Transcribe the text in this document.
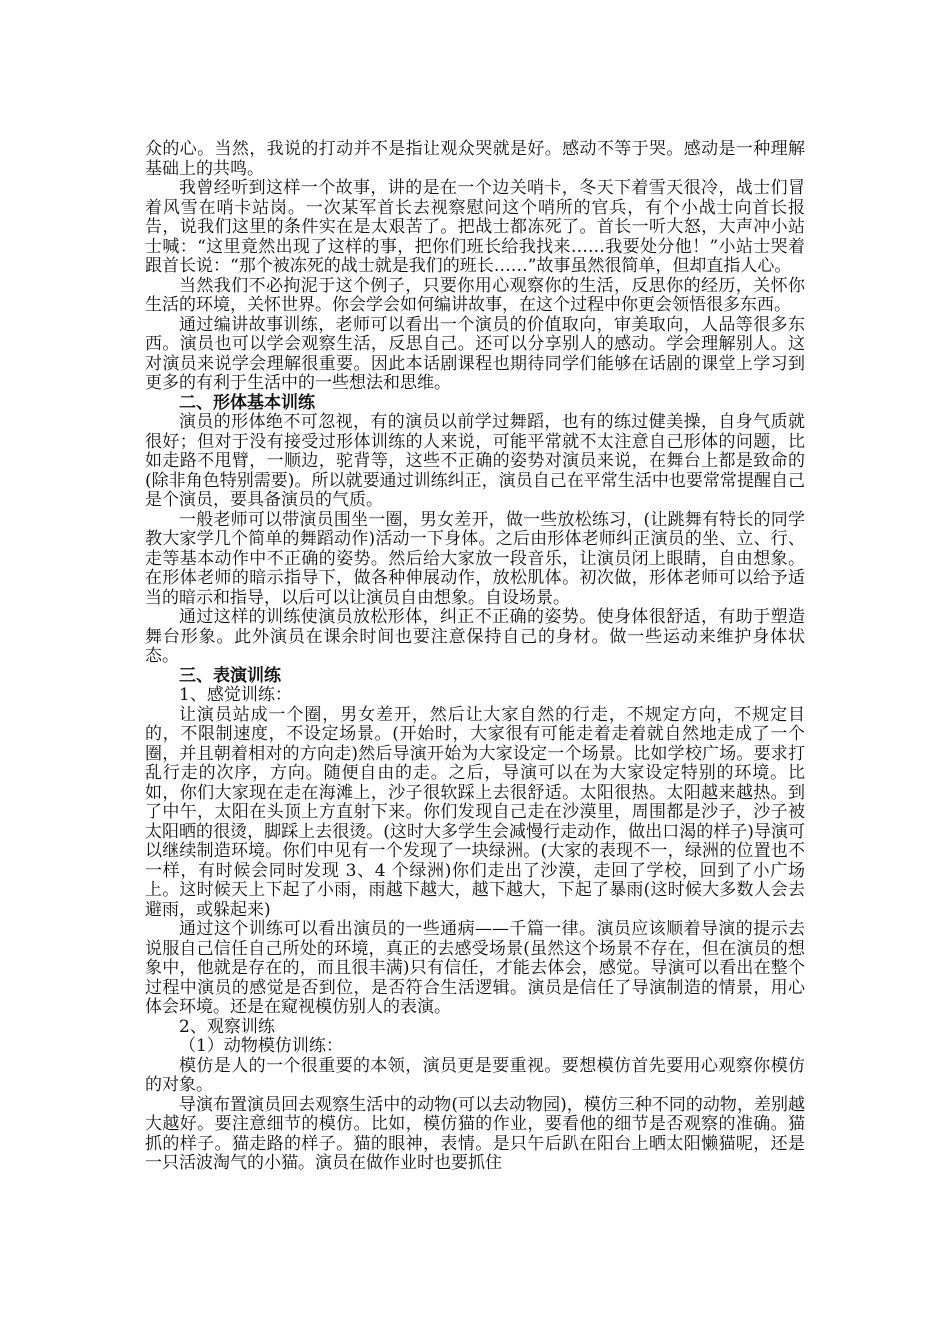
众的心。当然，我说的打动并不是指让观众哭就是好。感动不等于哭。感动是一种理解基础上的共鸣。

我曾经听到这样一个故事，讲的是在一个边关哨卡，冬天下着雪天很冷，战士们冒着风雪在哨卡站岗。一次某军首长去视察慰问这个哨所的官兵，有个小战士向首长报告，说我们这里的条件实在是太艰苦了。把战士都冻死了。首长一听大怒，大声冲小站士喊：“这里竟然出现了这样的事，把你们班长给我找来……我要处分他！”小站士哭着跟首长说：“那个被冻死的战士就是我们的班长……”故事虽然很简单，但却直指人心。

当然我们不必拘泥于这个例子，只要你用心观察你的生活，反思你的经历，关怀你生活的环境，关怀世界。你会学会如何编讲故事，在这个过程中你更会领悟很多东西。

通过编讲故事训练，老师可以看出一个演员的价值取向，审美取向，人品等很多东西。演员也可以学会观察生活，反思自己。还可以分享别人的感动。学会理解别人。这对演员来说学会理解很重要。因此本话剧课程也期待同学们能够在话剧的课堂上学习到更多的有利于生活中的一些想法和思维。

二、形体基本训练

演员的形体绝不可忽视，有的演员以前学过舞蹈，也有的练过健美操，自身气质就很好；但对于没有接受过形体训练的人来说，可能平常就不太注意自己形体的问题，比如走路不甩臂，一顺边，驼背等，这些不正确的姿势对演员来说，在舞台上都是致命的(除非角色特别需要)。所以就要通过训练纠正，演员自己在平常生活中也要常常提醒自己是个演员，要具备演员的气质。

一般老师可以带演员围坐一圈，男女差开，做一些放松练习，(让跳舞有特长的同学教大家学几个简单的舞蹈动作)活动一下身体。之后由形体老师纠正演员的坐、立、行、走等基本动作中不正确的姿势。然后给大家放一段音乐，让演员闭上眼睛，自由想象。在形体老师的暗示指导下，做各种伸展动作，放松肌体。初次做，形体老师可以给予适当的暗示和指导，以后可以让演员自由想象。自设场景。

通过这样的训练使演员放松形体，纠正不正确的姿势。使身体很舒适，有助于塑造舞台形象。此外演员在课余时间也要注意保持自己的身材。做一些运动来维护身体状态。

三、表演训练

1、感觉训练：

让演员站成一个圈，男女差开，然后让大家自然的行走，不规定方向，不规定目的，不限制速度，不设定场景。(开始时，大家很有可能走着走着就自然地走成了一个圈，并且朝着相对的方向走)然后导演开始为大家设定一个场景。比如学校广场。要求打乱行走的次序，方向。随便自由的走。之后，导演可以在为大家设定特别的环境。比如，你们大家现在走在海滩上，沙子很软踩上去很舒适。太阳很热。太阳越来越热。到了中午，太阳在头顶上方直射下来。你们发现自己走在沙漠里，周围都是沙子，沙子被太阳晒的很烫，脚踩上去很烫。(这时大多学生会减慢行走动作，做出口渴的样子)导演可以继续制造环境。你们中见有一个发现了一块绿洲。(大家的表现不一，绿洲的位置也不一样，有时候会同时发现 3、4 个绿洲)你们走出了沙漠，走回了学校，回到了小广场上。这时候天上下起了小雨，雨越下越大，越下越大，下起了暴雨(这时候大多数人会去避雨，或躲起来)

通过这个训练可以看出演员的一些通病——千篇一律。演员应该顺着导演的提示去说服自己信任自己所处的环境，真正的去感受场景(虽然这个场景不存在，但在演员的想象中，他就是存在的，而且很丰满)只有信任，才能去体会，感觉。导演可以看出在整个过程中演员的感觉是否到位，是否符合生活逻辑。演员是信任了导演制造的情景，用心体会环境。还是在窥视模仿别人的表演。

2、观察训练

（1）动物模仿训练：

模仿是人的一个很重要的本领，演员更是要重视。要想模仿首先要用心观察你模仿的对象。

导演布置演员回去观察生活中的动物(可以去动物园)，模仿三种不同的动物，差别越大越好。要注意细节的模仿。比如，模仿猫的作业，要看他的细节是否观察的准确。猫抓的样子。猫走路的样子。猫的眼神，表情。是只午后趴在阳台上晒太阳懒猫呢，还是一只活波淘气的小猫。演员在做作业时也要抓住
